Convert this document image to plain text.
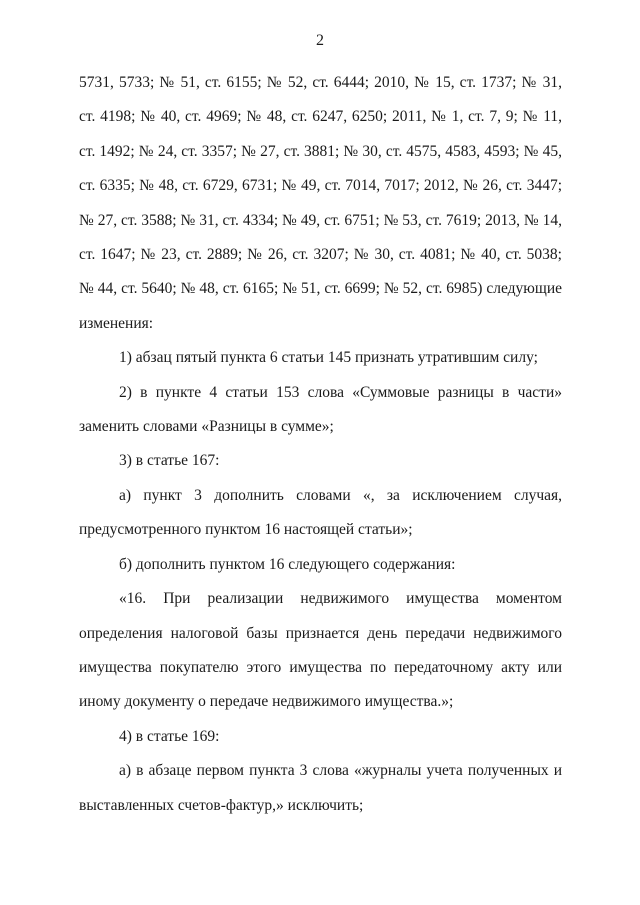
2
5731, 5733; № 51, ст. 6155; № 52, ст. 6444; 2010, № 15, ст. 1737; № 31,
ст. 4198; № 40, ст. 4969; № 48, ст. 6247, 6250; 2011, № 1, ст. 7, 9; № 11,
ст. 1492; № 24, ст. 3357; № 27, ст. 3881; № 30, ст. 4575, 4583, 4593; № 45,
ст. 6335; № 48, ст. 6729, 6731; № 49, ст. 7014, 7017; 2012, № 26, ст. 3447;
№ 27, ст. 3588; № 31, ст. 4334; № 49, ст. 6751; № 53, ст. 7619; 2013, № 14,
ст. 1647; № 23, ст. 2889; № 26, ст. 3207; № 30, ст. 4081; № 40, ст. 5038;
№ 44, ст. 5640; № 48, ст. 6165; № 51, ст. 6699; № 52, ст. 6985) следующие
изменения:
1) абзац пятый пункта 6 статьи 145 признать утратившим силу;
2) в пункте 4 статьи 153 слова «Суммовые разницы в части»
заменить словами «Разницы в сумме»;
3) в статье 167:
а) пункт 3 дополнить словами «, за исключением случая,
предусмотренного пунктом 16 настоящей статьи»;
б) дополнить пунктом 16 следующего содержания:
«16. При реализации недвижимого имущества моментом
определения налоговой базы признается день передачи недвижимого
имущества покупателю этого имущества по передаточному акту или
иному документу о передаче недвижимого имущества.»;
4) в статье 169:
а) в абзаце первом пункта 3 слова «журналы учета полученных и
выставленных счетов-фактур,» исключить;
